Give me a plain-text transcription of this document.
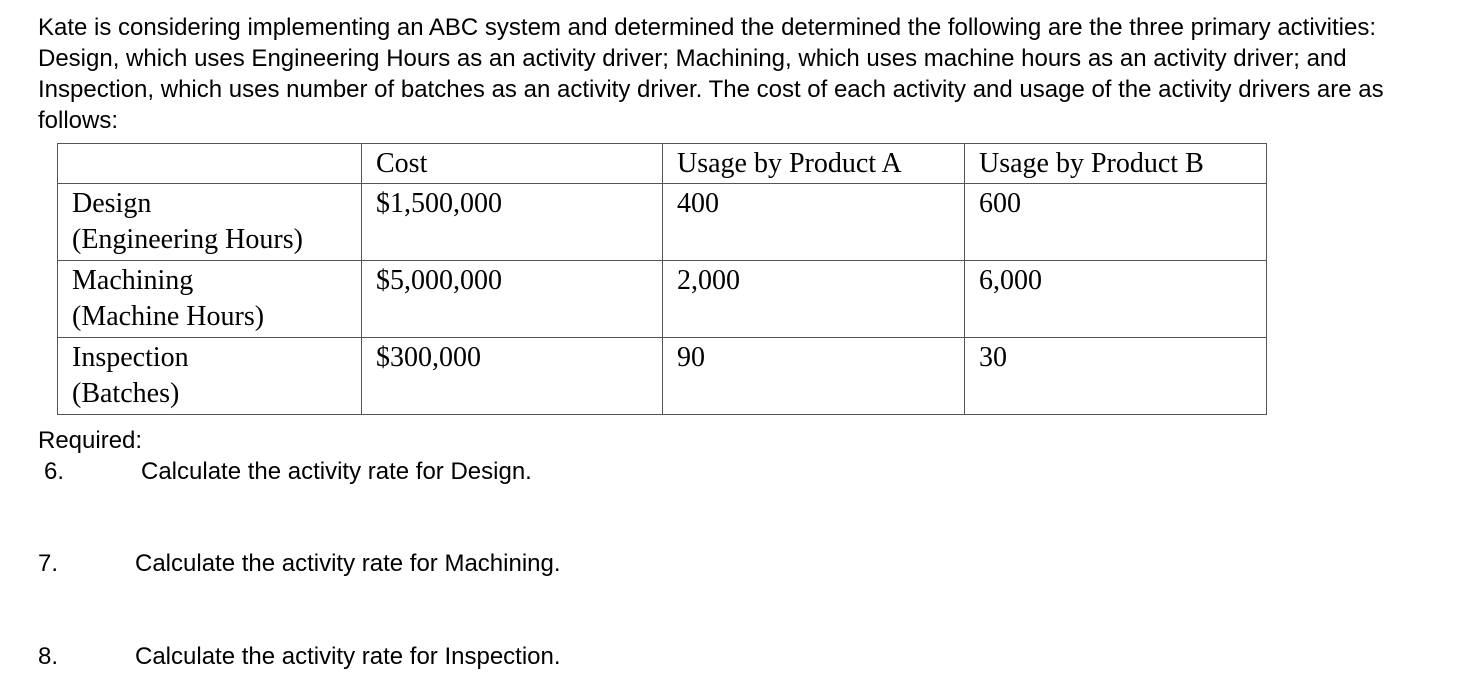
Kate is considering implementing an ABC system and determined the determined the following are the three primary activities: Design, which uses Engineering Hours as an activity driver; Machining, which uses machine hours as an activity driver; and Inspection, which uses number of batches as an activity driver. The cost of each activity and usage of the activity drivers are as follows:

	Cost	Usage by Product A	Usage by Product B

Design
(Engineering Hours)	$1,500,000	400	600

Machining
(Machine Hours)	$5,000,000	2,000	6,000

Inspection
(Batches)	$300,000	90	30

Required:

6.	Calculate the activity rate for Design.
7.	Calculate the activity rate for Machining.
8.	Calculate the activity rate for Inspection.
